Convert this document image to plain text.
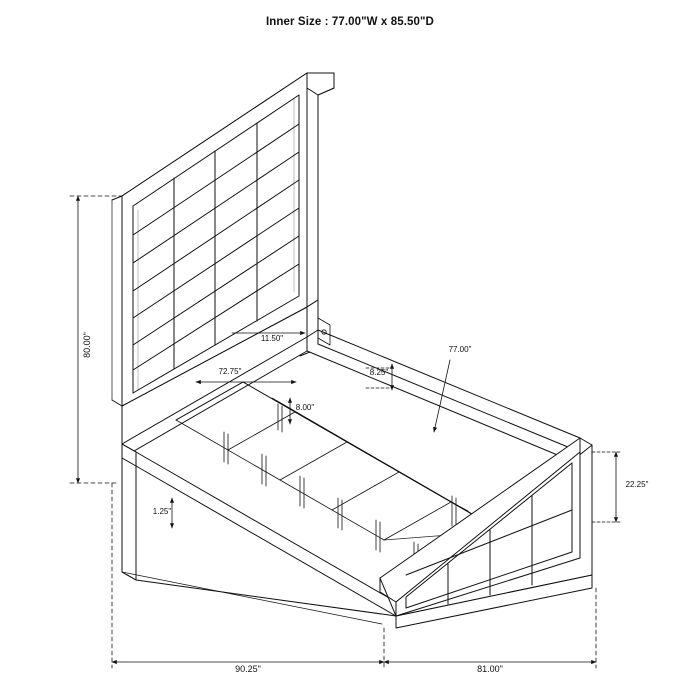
Inner Size : 77.00"W x 85.50"D
80.00"	11.50"
72.75"	8.25"
8.00"
77.00"
22.25"
1.25"
90.25"	81.00"
